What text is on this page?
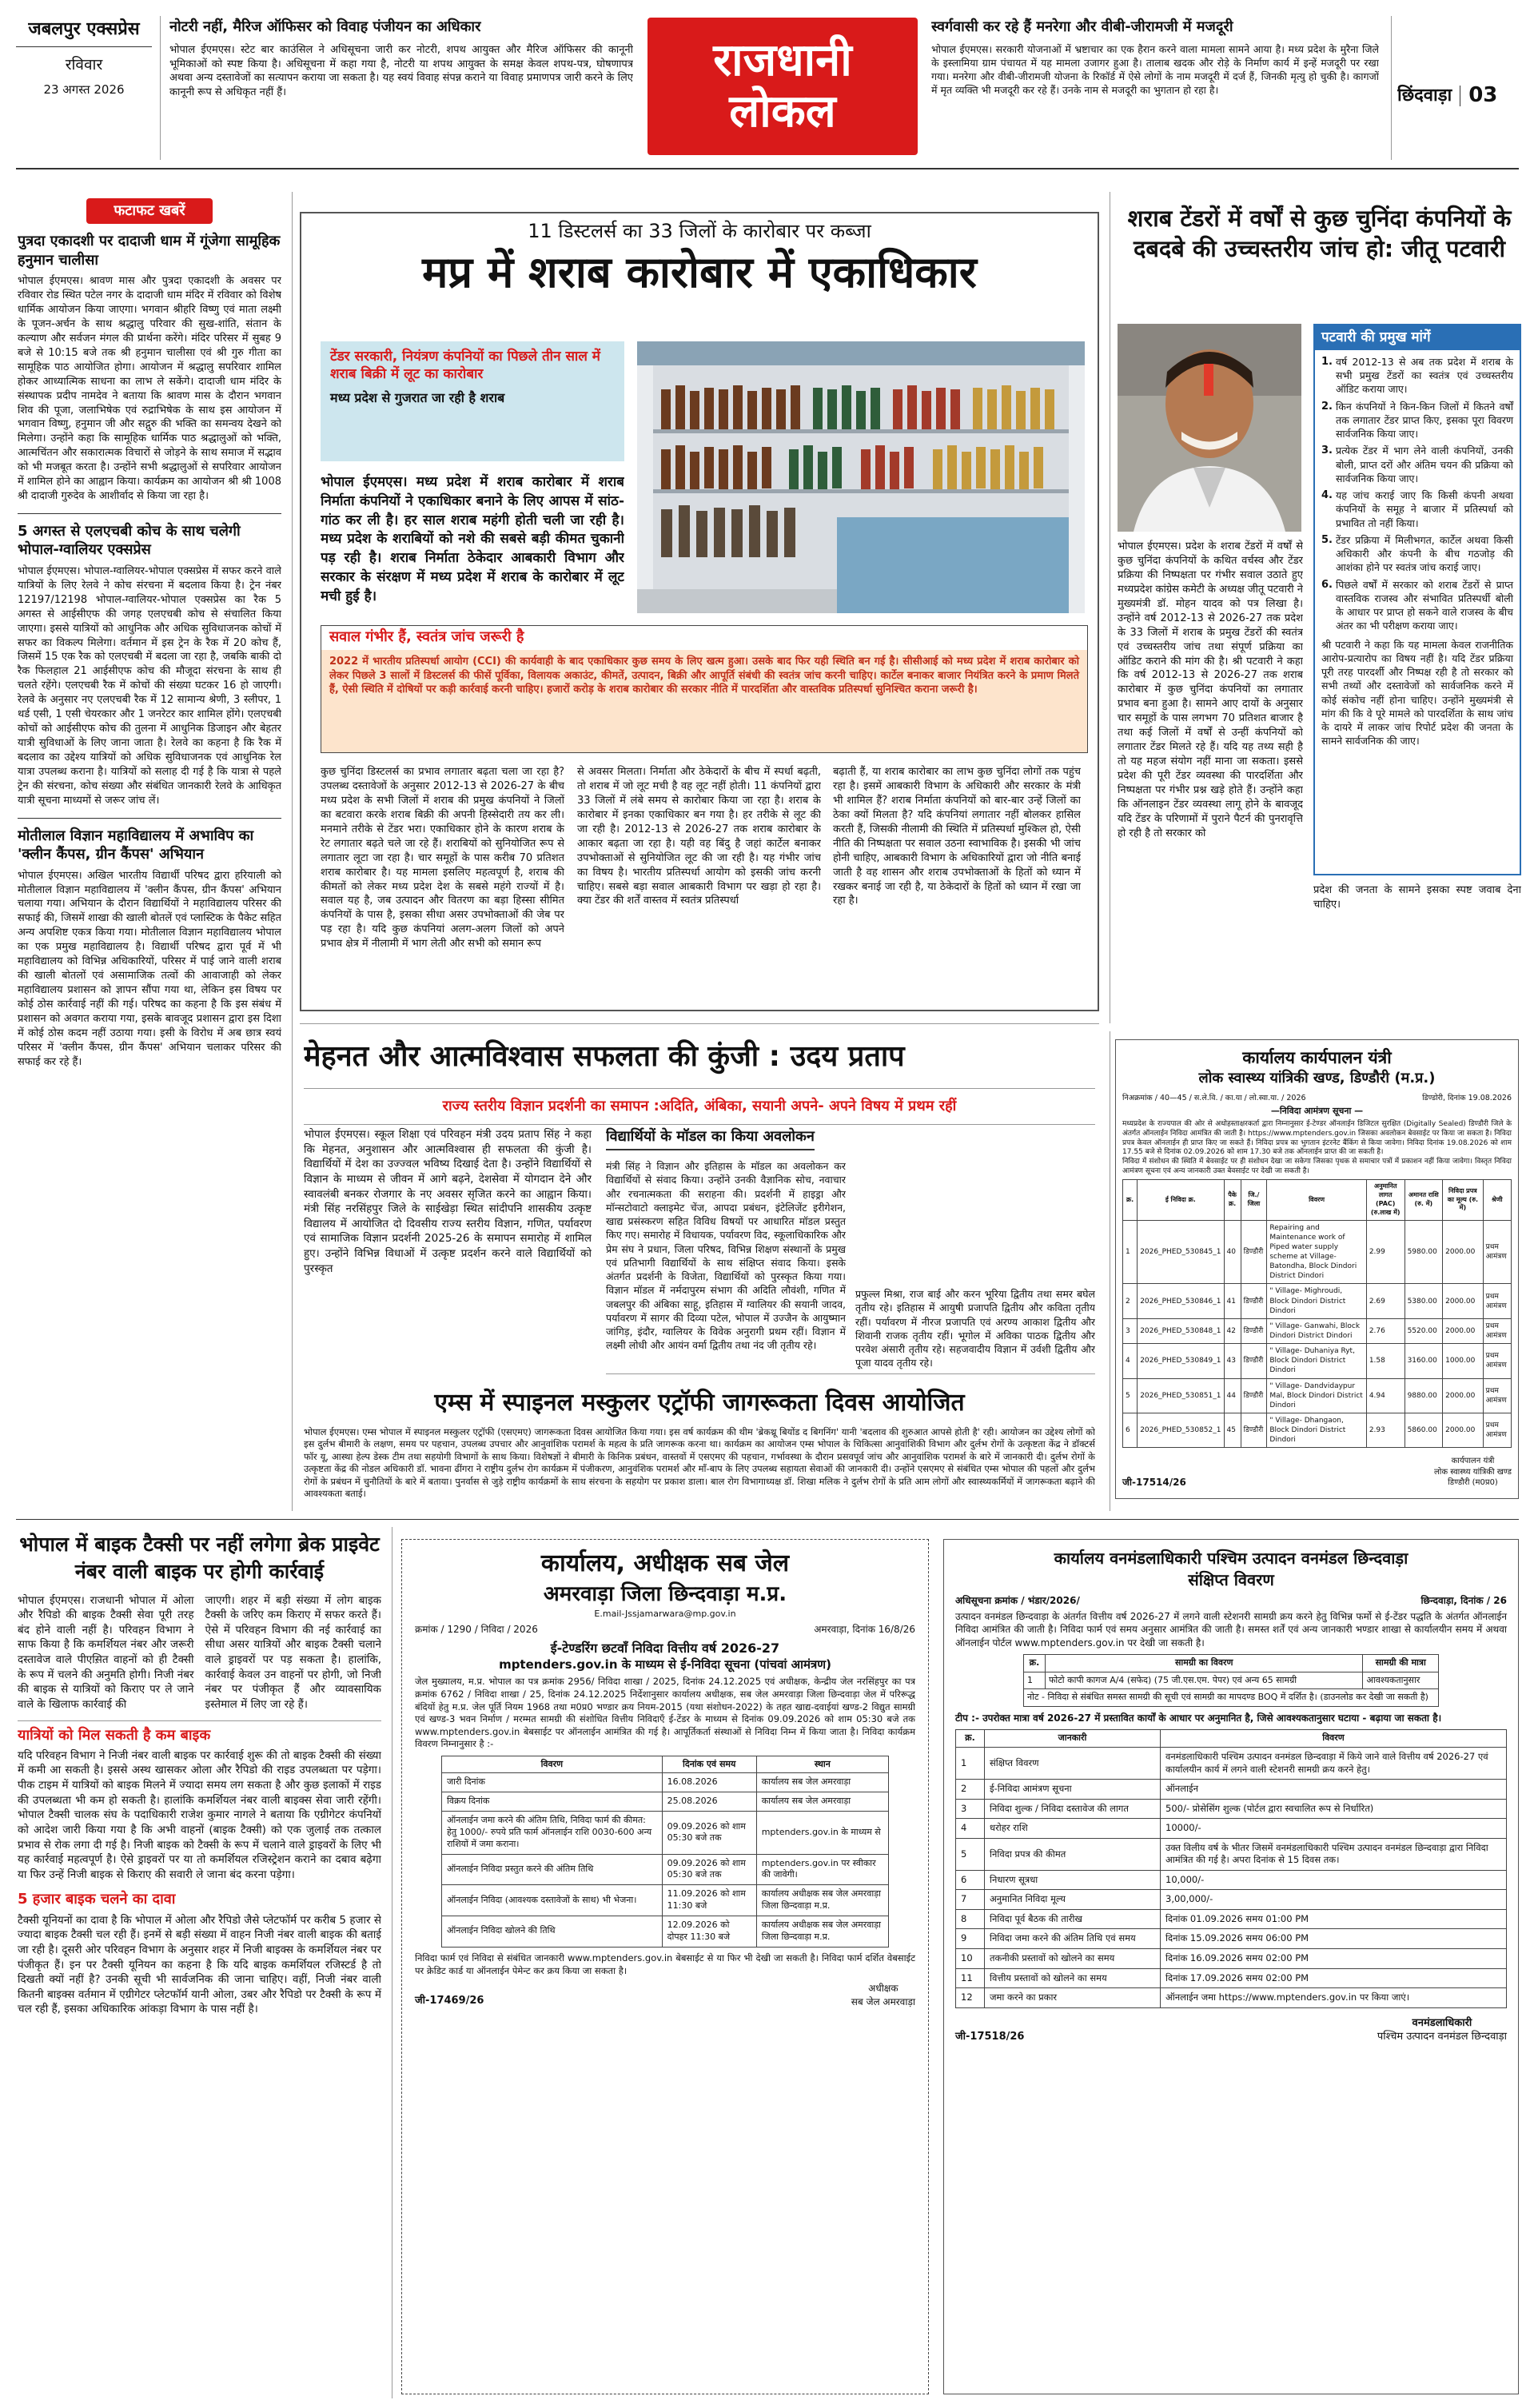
जबलपुर एक्सप्रेस
रविवार
23 अगस्त 2026
नोटरी नहीं, मैरिज ऑफिसर को विवाह पंजीयन का अधिकार

भोपाल ईएमएस। स्टेट बार काउंसिल ने अधिसूचना जारी कर नोटरी, शपथ आयुक्त और मैरिज ऑफिसर की कानूनी भूमिकाओं को स्पष्ट किया है। अधिसूचना में कहा गया है, नोटरी या शपथ आयुक्त के समक्ष केवल शपथ-पत्र, घोषणापत्र अथवा अन्य दस्तावेजों का सत्यापन कराया जा सकता है। यह स्वयं विवाह संपन्न कराने या विवाह प्रमाणपत्र जारी करने के लिए कानूनी रूप से अधिकृत नहीं हैं।

राजधानी लोकल
स्वर्गवासी कर रहे हैं मनरेगा और वीबी-जीरामजी में मजदूरी

भोपाल ईएमएस। सरकारी योजनाओं में भ्रष्टाचार का एक हैरान करने वाला मामला सामने आया है। मध्य प्रदेश के मुरैना जिले के इस्लामिया ग्राम पंचायत में यह मामला उजागर हुआ है। तालाब खदक और रोड़े के निर्माण कार्य में इन्हें मजदूरी पर रखा गया। मनरेगा और वीबी-जीरामजी योजना के रिकॉर्ड में ऐसे लोगों के नाम मजदूरी में दर्ज हैं, जिनकी मृत्यु हो चुकी है। कागजों में मृत व्यक्ति भी मजदूरी कर रहे हैं। उनके नाम से मजदूरी का भुगतान हो रहा है।	छिंदवाड़ा 03
फटाफट खबरें
पुत्रदा एकादशी पर दादाजी धाम में गूंजेगा सामूहिक हनुमान चालीसा

भोपाल ईएमएस। श्रावण मास और पुत्रदा एकादशी के अवसर पर रविवार रोड स्थित पटेल नगर के दादाजी धाम मंदिर में रविवार को विशेष धार्मिक आयोजन किया जाएगा। भगवान श्रीहरि विष्णु एवं माता लक्ष्मी के पूजन-अर्चन के साथ श्रद्धालु परिवार की सुख-शांति, संतान के कल्याण और सर्वजन मंगल की प्रार्थना करेंगे। मंदिर परिसर में सुबह 9 बजे से 10:15 बजे तक श्री हनुमान चालीसा एवं श्री गुरु गीता का सामूहिक पाठ आयोजित होगा। आयोजन में श्रद्धालु सपरिवार शामिल होकर आध्यात्मिक साधना का लाभ ले सकेंगे। दादाजी धाम मंदिर के संस्थापक प्रदीप नामदेव ने बताया कि श्रावण मास के दौरान भगवान शिव की पूजा, जलाभिषेक एवं रुद्राभिषेक के साथ इस आयोजन में भगवान विष्णु, हनुमान जी और सद्गुरु की भक्ति का समन्वय देखने को मिलेगा। उन्होंने कहा कि सामूहिक धार्मिक पाठ श्रद्धालुओं को भक्ति, आत्मचिंतन और सकारात्मक विचारों से जोड़ने के साथ समाज में सद्भाव को भी मजबूत करता है। उन्होंने सभी श्रद्धालुओं से सपरिवार आयोजन में शामिल होने का आह्वान किया। कार्यक्रम का आयोजन श्री श्री 1008 श्री दादाजी गुरुदेव के आशीर्वाद से किया जा रहा है।

5 अगस्त से एलएचबी कोच के साथ चलेगी भोपाल-ग्वालियर एक्सप्रेस

भोपाल ईएमएस। भोपाल-ग्वालियर-भोपाल एक्सप्रेस में सफर करने वाले यात्रियों के लिए रेलवे ने कोच संरचना में बदलाव किया है। ट्रेन नंबर 12197/12198 भोपाल-ग्वालियर-भोपाल एक्सप्रेस का रैक 5 अगस्त से आईसीएफ की जगह एलएचबी कोच से संचालित किया जाएगा। इससे यात्रियों को आधुनिक और अधिक सुविधाजनक कोचों में सफर का विकल्प मिलेगा। वर्तमान में इस ट्रेन के रैक में 20 कोच हैं, जिसमें 15 एक रैक को एलएचबी में बदला जा रहा है, जबकि बाकी दो रैक फिलहाल 21 आईसीएफ कोच की मौजूदा संरचना के साथ ही चलते रहेंगे। एलएचबी रैक में कोचों की संख्या घटकर 16 हो जाएगी। रेलवे के अनुसार नए एलएचबी रैक में 12 सामान्य श्रेणी, 3 स्लीपर, 1 थर्ड एसी, 1 एसी चेयरकार और 1 जनरेटर कार शामिल होंगे। एलएचबी कोचों को आईसीएफ कोच की तुलना में आधुनिक डिजाइन और बेहतर यात्री सुविधाओं के लिए जाना जाता है। रेलवे का कहना है कि रैक में बदलाव का उद्देश्य यात्रियों को अधिक सुविधाजनक एवं आधुनिक रेल यात्रा उपलब्ध कराना है। यात्रियों को सलाह दी गई है कि यात्रा से पहले ट्रेन की संरचना, कोच संख्या और संबंधित जानकारी रेलवे के आधिकृत यात्री सूचना माध्यमों से जरूर जांच लें।

मोतीलाल विज्ञान महाविद्यालय में अभाविप का 'क्लीन कैंपस, ग्रीन कैंपस' अभियान

भोपाल ईएमएस। अखिल भारतीय विद्यार्थी परिषद द्वारा हरियाली को मोतीलाल विज्ञान महाविद्यालय में 'क्लीन कैंपस, ग्रीन कैंपस' अभियान चलाया गया। अभियान के दौरान विद्यार्थियों ने महाविद्यालय परिसर की सफाई की, जिसमें शाखा की खाली बोतलें एवं प्लास्टिक के पैकेट सहित अन्य अपशिष्ट एकत्र किया गया। मोतीलाल विज्ञान महाविद्यालय भोपाल का एक प्रमुख महाविद्यालय है। विद्यार्थी परिषद द्वारा पूर्व में भी महाविद्यालय को विभिन्न अधिकारियों, परिसर में पाई जाने वाली शराब की खाली बोतलों एवं असामाजिक तत्वों की आवाजाही को लेकर महाविद्यालय प्रशासन को ज्ञापन सौंपा गया था, लेकिन इस विषय पर कोई ठोस कार्रवाई नहीं की गई। परिषद का कहना है कि इस संबंध में प्रशासन को अवगत कराया गया, इसके बावजूद प्रशासन द्वारा इस दिशा में कोई ठोस कदम नहीं उठाया गया। इसी के विरोध में अब छात्र स्वयं परिसर में 'क्लीन कैंपस, ग्रीन कैंपस' अभियान चलाकर परिसर की सफाई कर रहे हैं।

11 डिस्टलर्स का 33 जिलों के कारोबार पर कब्जा
मप्र में शराब कारोबार में एकाधिकार
टेंडर सरकारी, नियंत्रण कंपनियों का पिछले तीन साल में शराब बिक्री में लूट का कारोबार
मध्य प्रदेश से गुजरात जा रही है शराब

भोपाल ईएमएस। मध्य प्रदेश में शराब कारोबार में शराब निर्माता कंपनियों ने एकाधिकार बनाने के लिए आपस में सांठ- गांठ कर ली है। हर साल शराब महंगी होती चली जा रही है। मध्य प्रदेश के शराबियों को नशे की सबसे बड़ी कीमत चुकानी पड़ रही है। शराब निर्माता ठेकेदार आबकारी विभाग और सरकार के संरक्षण में मध्य प्रदेश में शराब के कारोबार में लूट मची हुई है।

सवाल गंभीर हैं, स्वतंत्र जांच जरूरी है

2022 में भारतीय प्रतिस्पर्धा आयोग (CCI) की कार्यवाही के बाद एकाधिकार कुछ समय के लिए खत्म हुआ। उसके बाद फिर यही स्थिति बन गई है। सीसीआई को मध्य प्रदेश में शराब कारोबार को लेकर पिछले 3 सालों में डिस्टलर्स की फीसें पूर्विका, विलायक अकाउंट, कीमतें, उत्पादन, बिक्री और आपूर्ति संबंधी की स्वतंत्र जांच करनी चाहिए। कार्टेल बनाकर बाजार नियंत्रित करने के प्रमाण मिलते हैं, ऐसी स्थिति में दोषियों पर कड़ी कार्रवाई करनी चाहिए। हजारों करोड़ के शराब कारोबार की सरकार नीति में पारदर्शिता और वास्तविक प्रतिस्पर्धा सुनिश्चित कराना जरूरी है।

कुछ चुनिंदा डिस्टलर्स का प्रभाव लगातार बढ़ता चला जा रहा है? उपलब्ध दस्तावेजों के अनुसार 2012-13 से 2026-27 के बीच मध्य प्रदेश के सभी जिलों में शराब की प्रमुख कंपनियों ने जिलों का बटवारा करके शराब बिक्री की अपनी हिस्सेदारी तय कर ली। मनमाने तरीके से टेंडर भरा। एकाधिकार होने के कारण शराब के रेट लगातार बढ़ते चले जा रहे हैं। शराबियों को सुनियोजित रूप से लगातार लूटा जा रहा है। चार समूहों के पास करीब 70 प्रतिशत शराब कारोबार है। यह मामला इसलिए महत्वपूर्ण है, शराब की कीमतों को लेकर मध्य प्रदेश देश के सबसे महंगे राज्यों में है। सवाल यह है, जब उत्पादन और वितरण का बड़ा हिस्सा सीमित कंपनियों के पास है, इसका सीधा असर उपभोक्ताओं की जेब पर पड़ रहा है। यदि कुछ कंपनियां अलग-अलग जिलों को अपने प्रभाव क्षेत्र में नीलामी में भाग लेती और सभी को समान रूप

से अवसर मिलता। निर्माता और ठेकेदारों के बीच में स्पर्धा बढ़ती, तो शराब में जो लूट मची है वह लूट नहीं होती। 11 कंपनियों द्वारा 33 जिलों में लंबे समय से कारोबार किया जा रहा है। शराब के कारोबार में इनका एकाधिकार बन गया है। हर तरीके से लूट की जा रही है। 2012-13 से 2026-27 तक शराब कारोबार के आकार बढ़ता जा रहा है। यही वह बिंदु है जहां कार्टेल बनाकर उपभोक्ताओं से सुनियोजित लूट की जा रही है। यह गंभीर जांच का विषय है। भारतीय प्रतिस्पर्धा आयोग को इसकी जांच करनी चाहिए। सबसे बड़ा सवाल आबकारी विभाग पर खड़ा हो रहा है। क्या टेंडर की शर्तें वास्तव में स्वतंत्र प्रतिस्पर्धा

बढ़ाती हैं, या शराब कारोबार का लाभ कुछ चुनिंदा लोगों तक पहुंच रहा है। इसमें आबकारी विभाग के अधिकारी और सरकार के मंत्री भी शामिल हैं? शराब निर्माता कंपनियों को बार-बार उन्हें जिलों का ठेका क्यों मिलता है? यदि कंपनियां लगातार नहीं बोलकर हासिल करती हैं, जिसकी नीलामी की स्थिति में प्रतिस्पर्धा मुश्किल हो, ऐसी नीति की निष्पक्षता पर सवाल उठना स्वाभाविक है। इसकी भी जांच होनी चाहिए, आबकारी विभाग के अधिकारियों द्वारा जो नीति बनाई जाती है वह शासन और शराब उपभोक्ताओं के हितों को ध्यान में रखकर बनाई जा रही है, या ठेकेदारों के हितों को ध्यान में रखा जा रहा है।

शराब टेंडरों में वर्षों से कुछ चुनिंदा कंपनियों के दबदबे की उच्चस्तरीय जांच हो: जीतू पटवारी
पटवारी की प्रमुख मांगें
1. वर्ष 2012-13 से अब तक प्रदेश में शराब के सभी प्रमुख टेंडरों का स्वतंत्र एवं उच्चस्तरीय ऑडिट कराया जाए।

2. किन कंपनियों ने किन-किन जिलों में कितने वर्षों तक लगातार टेंडर प्राप्त किए, इसका पूरा विवरण सार्वजनिक किया जाए।

3. प्रत्येक टेंडर में भाग लेने वाली कंपनियों, उनकी बोली, प्राप्त दरों और अंतिम चयन की प्रक्रिया को सार्वजनिक किया जाए।

4. यह जांच कराई जाए कि किसी कंपनी अथवा कंपनियों के समूह ने बाजार में प्रतिस्पर्धा को प्रभावित तो नहीं किया।

5. टेंडर प्रक्रिया में मिलीभगत, कार्टेल अथवा किसी अधिकारी और कंपनी के बीच गठजोड़ की आशंका होने पर स्वतंत्र जांच कराई जाए।

6. पिछले वर्षों में सरकार को शराब टेंडरों से प्राप्त वास्तविक राजस्व और संभावित प्रतिस्पर्धी बोली के आधार पर प्राप्त हो सकने वाले राजस्व के बीच अंतर का भी परीक्षण कराया जाए।

श्री पटवारी ने कहा कि यह मामला केवल राजनीतिक आरोप-प्रत्यारोप का विषय नहीं है। यदि टेंडर प्रक्रिया पूरी तरह पारदर्शी और निष्पक्ष रही है तो सरकार को सभी तथ्यों और दस्तावेजों को सार्वजनिक करने में कोई संकोच नहीं होना चाहिए। उन्होंने मुख्यमंत्री से मांग की कि वे पूरे मामले को पारदर्शिता के साथ जांच के दायरे में लाकर जांच रिपोर्ट प्रदेश की जनता के सामने सार्वजनिक की जाए।

भोपाल ईएमएस। प्रदेश के शराब टेंडरों में वर्षों से कुछ चुनिंदा कंपनियों के कथित वर्चस्व और टेंडर प्रक्रिया की निष्पक्षता पर गंभीर सवाल उठाते हुए मध्यप्रदेश कांग्रेस कमेटी के अध्यक्ष जीतू पटवारी ने मुख्यमंत्री डॉ. मोहन यादव को पत्र लिखा है। उन्होंने वर्ष 2012-13 से 2026-27 तक प्रदेश के 33 जिलों में शराब के प्रमुख टेंडरों की स्वतंत्र एवं उच्चस्तरीय जांच तथा संपूर्ण प्रक्रिया का ऑडिट कराने की मांग की है। श्री पटवारी ने कहा कि वर्ष 2012-13 से 2026-27 तक शराब कारोबार में कुछ चुनिंदा कंपनियों का लगातार प्रभाव बना हुआ है। सामने आए दायों के अनुसार चार समूहों के पास लगभग 70 प्रतिशत बाजार है तथा कई जिलों में वर्षों से उन्हीं कंपनियों को लगातार टेंडर मिलते रहे हैं। यदि यह तथ्य सही है तो यह महज संयोग नहीं माना जा सकता। इससे प्रदेश की पूरी टेंडर व्यवस्था की पारदर्शिता और निष्पक्षता पर गंभीर प्रश्न खड़े होते हैं। उन्होंने कहा कि ऑनलाइन टेंडर व्यवस्था लागू होने के बावजूद यदि टेंडर के परिणामों में पुराने पैटर्न की पुनरावृत्ति हो रही है तो सरकार को

प्रदेश की जनता के सामने इसका स्पष्ट जवाब देना चाहिए।

मेहनत और आत्मविश्वास सफलता की कुंजी : उदय प्रताप
राज्य स्तरीय विज्ञान प्रदर्शनी का समापन :अदिति, अंबिका, सयानी अपने- अपने विषय में प्रथम रहीं

भोपाल ईएमएस। स्कूल शिक्षा एवं परिवहन मंत्री उदय प्रताप सिंह ने कहा कि मेहनत, अनुशासन और आत्मविश्वास ही सफलता की कुंजी है। विद्यार्थियों में देश का उज्ज्वल भविष्य दिखाई देता है। उन्होंने विद्यार्थियों से विज्ञान के माध्यम से जीवन में आगे बढ़ने, देशसेवा में योगदान देने और स्वावलंबी बनकर रोजगार के नए अवसर सृजित करने का आह्वान किया। मंत्री सिंह नरसिंहपुर जिले के साईखेड़ा स्थित सांदीपनि शासकीय उत्कृष्ट विद्यालय में आयोजित दो दिवसीय राज्य स्तरीय विज्ञान, गणित, पर्यावरण एवं सामाजिक विज्ञान प्रदर्शनी 2025-26 के समापन समारोह में शामिल हुए। उन्होंने विभिन्न विधाओं में उत्कृष्ट प्रदर्शन करने वाले विद्यार्थियों को पुरस्कृत

विद्यार्थियों के मॉडल का किया अवलोकन

मंत्री सिंह ने विज्ञान और इतिहास के मॉडल का अवलोकन कर विद्यार्थियों से संवाद किया। उन्होंने उनकी वैज्ञानिक सोच, नवाचार और रचनात्मकता की सराहना की। प्रदर्शनी में हाइड्रा और मॉन्सटोवाटो क्लाइमेट चेंज, आपदा प्रबंधन, इंटेलिजेंट इरीगेशन, खाद्य प्रसंस्करण सहित विविध विषयों पर आधारित मॉडल प्रस्तुत किए गए। समारोह में विधायक, पर्यावरण विद, स्कूलाधिकारिक और प्रेम संघ ने प्रधान, जिला परिषद, विभिन्न शिक्षण संस्थानों के प्रमुख एवं प्रतिभागी विद्यार्थियों के साथ संक्षिप्त संवाद किया। इसके अंतर्गत प्रदर्शनी के विजेता, विद्यार्थियों को पुरस्कृत किया गया। विज्ञान मॉडल में नर्मदापुरम संभाग की अदिति लौवंशी, गणित में जबलपुर की अंबिका साहू, इतिहास में ग्वालियर की सयानी जादव, पर्यावरण में सागर की दिव्या पटेल, भोपाल में उज्जैन के आयुष्मान जांगिड़, इंदौर, ग्वालियर के विवेक अनुरागी प्रथम रहीं। विज्ञान में लक्ष्मी लोधी और आयंन वर्मा द्वितीय तथा नंद जी तृतीय रहे।

प्रफुल्ल मिश्रा, राज बाई और करन भूरिया द्वितीय तथा समर बघेल तृतीय रहे। इतिहास में आयुषी प्रजापति द्वितीय और कविता तृतीय रहीं। पर्यावरण में नीरज प्रजापति एवं अरण्य आकाश द्वितीय और शिवानी राजक तृतीय रहीं। भूगोल में अविका पाठक द्वितीय और परवेश अंसारी तृतीय रहे। सहजवादीय विज्ञान में उर्वशी द्वितीय और पूजा यादव तृतीय रहे।

एम्स में स्पाइनल मस्कुलर एट्रॉफी जागरूकता दिवस आयोजित

भोपाल ईएमएस। एम्स भोपाल में स्पाइनल मस्कुलर एट्रॉफी (एसएमए) जागरूकता दिवस आयोजित किया गया। इस वर्ष कार्यक्रम की थीम 'ब्रेकथ्रू बियोंड द बिगनिंग' यानी 'बदलाव की शुरुआत आपसे होती है' रही। आयोजन का उद्देश्य लोगों को इस दुर्लभ बीमारी के लक्षण, समय पर पहचान, उपलब्ध उपचार और आनुवांशिक परामर्श के महत्व के प्रति जागरूक करना था। कार्यक्रम का आयोजन एम्स भोपाल के चिकित्सा आनुवांशिकी विभाग और दुर्लभ रोगों के उत्कृष्टता केंद्र ने डॉक्टर्स फॉर यू, आस्था हेल्प डेस्क टीम तथा सहयोगी विभागों के साथ किया। विशेषज्ञों ने बीमारी के किनिक प्रबंधन, वास्तवों में एसएमए की पहचान, गर्भावस्था के दौरान प्रसवपूर्व जांच और आनुवांशिक परामर्श के बारे में जानकारी दी। दुर्लभ रोगों के उत्कृष्टता केंद्र की नोडल अधिकारी डॉ. भावना ढींगरा ने राष्ट्रीय दुर्लभ रोग कार्यक्रम में पंजीकरण, आनुवंशिक परामर्श और माँ-बाप के लिए उपलब्ध सहायता सेवाओं की जानकारी दी। उन्होंने एसएमए से संबंधित एम्स भोपाल की पहलों और दुर्लभ रोगों के प्रबंधन में चुनौतियों के बारे में बताया। पुनर्वास से जुड़े राष्ट्रीय कार्यक्रमों के साथ संरचना के सहयोग पर प्रकाश डाला। बाल रोग विभागाध्यक्ष डॉ. शिखा मलिक ने दुर्लभ रोगों के प्रति आम लोगों और स्वास्थ्यकर्मियों में जागरूकता बढ़ाने की आवश्यकता बताई।

कार्यालय कार्यपालन यंत्री
लोक स्वास्थ्य यांत्रिकी खण्ड, डिण्डौरी (म.प्र.)
निअक्रमांक / 40—45 / स.ले.वि. / का.या / लो.स्वा.या. / 2026	डिण्डोरी, दिनांक 19.08.2026
—निविदा आमंत्रण सूचना —

मध्यप्रदेश के राज्यपाल की ओर से अधोहस्ताक्षरकर्ता द्वारा निम्नानुसार ई-टेण्डर ऑनलाईन डिजिटल सुरक्षित (Digitally Sealed) डिण्डौरी जिले के अंतर्गत ऑनलाईन निविदा आमंत्रित की जाती है। https://www.mptenders.gov.in जिसका अवलोकन बेवसाईट पर किया जा सकता है। निविदा प्रपत्र केवल ऑनलाईन ही प्राप्त किए जा सकते हैं। निविदा प्रपत्र का भुगतान इंटरनेट बैंकिंग से किया जावेगा। निविदा दिनांक 19.08.2026 को शाम 17.55 बजे से दिनांक 02.09.2026 को शाम 17.30 बजे तक ऑनलाईन प्राप्त की जा सकती है।

निविदा में संशोधन की स्थिति में बेवसाईट पर ही संशोधन देखा जा सकेगा जिसका पृथक से समाचार पत्रों में प्रकाशन नहीं किया जावेगा। विस्तृत निविदा आमंत्रण सूचना एवं अन्य जानकारी उक्त बेवसाईट पर देखी जा सकती है।

क्र.	ई निविदा क्र.	पैके क्र.	जि./ जिला	विवरण	अनुमानित लागत (PAC) (रु.लाख में)	अमानत राशि (रु. में)	निविदा प्रपत्र का मूल्य (रु. में)	श्रेणी
1	2026_PHED_530845_1	40	डिण्डौरी	Repairing and Maintenance work of Piped water supply scheme at Village- Batondha, Block Dindori District Dindori	2.99	5980.00	2000.00	प्रथम आमंत्रण
2	2026_PHED_530846_1	41	डिण्डौरी	" Village- Mighroudi, Block Dindori District Dindori	2.69	5380.00	2000.00	प्रथम आमंत्रण
3	2026_PHED_530848_1	42	डिण्डौरी	" Village- Ganwahi, Block Dindori District Dindori	2.76	5520.00	2000.00	प्रथम आमंत्रण
4	2026_PHED_530849_1	43	डिण्डौरी	" Village- Duhaniya Ryt, Block Dindori District Dindori	1.58	3160.00	1000.00	प्रथम आमंत्रण
5	2026_PHED_530851_1	44	डिण्डौरी	" Village- Dandvidaypur Mal, Block Dindori District Dindori	4.94	9880.00	2000.00	प्रथम आमंत्रण
6	2026_PHED_530852_1	45	डिण्डौरी	" Village- Dhangaon, Block Dindori District Dindori	2.93	5860.00	2000.00	प्रथम आमंत्रण
जी-17514/26
कार्यपालन यंत्री
लोक स्वास्थ्य यांत्रिकी खण्ड
डिण्डौरी (म0प्र0)
भोपाल में बाइक टैक्सी पर नहीं लगेगा ब्रेक प्राइवेट नंबर वाली बाइक पर होगी कार्रवाई

भोपाल ईएमएस। राजधानी भोपाल में ओला और रैपिडो की बाइक टैक्सी सेवा पूरी तरह बंद होने वाली नहीं है। परिवहन विभाग ने साफ किया है कि कमर्शियल नंबर और जरूरी दस्तावेज वाले पीएस़ित वाहनों को ही टैक्सी के रूप में चलने की अनुमति होगी। निजी नंबर की बाइक से यात्रियों को किराए पर ले जाने वाले के खिलाफ कार्रवाई की

जाएगी। शहर में बड़ी संख्या में लोग बाइक टैक्सी के जरिए कम किराए में सफर करते हैं। ऐसे में परिवहन विभाग की नई कार्रवाई का सीधा असर यात्रियों और बाइक टैक्सी चलाने वाले ड्राइवरों पर पड़ सकता है। हालांकि, कार्रवाई केवल उन वाहनों पर होगी, जो निजी नंबर पर पंजीकृत हैं और व्यावसायिक इस्तेमाल में लिए जा रहे हैं।

यात्रियों को मिल सकती है कम बाइक

यदि परिवहन विभाग ने निजी नंबर वाली बाइक पर कार्रवाई शुरू की तो बाइक टैक्सी की संख्या में कमी आ सकती है। इससे अस्थ खासकर ओला और रैपिडो की राइड उपलब्धता पर पड़ेगा। पीक टाइम में यात्रियों को बाइक मिलने में ज्यादा समय लग सकता है और कुछ इलाकों में राइड की उपलब्धता भी कम हो सकती है। हालांकि कमर्शियल नंबर वाली बाइक्स सेवा जारी रहेंगी। भोपाल टैक्सी चालक संघ के पदाधिकारी राजेश कुमार नागले ने बताया कि एग्रीगेटर कंपनियों को आदेश जारी किया गया है कि अभी वाहनों (बाइक टैक्सी) को एक जुलाई तक तत्काल प्रभाव से रोक लगा दी गई है। निजी बाइक को टैक्सी के रूप में चलाने वाले ड्राइवरों के लिए भी यह कार्रवाई महत्वपूर्ण है। ऐसे ड्राइवरों पर या तो कमर्शियल रजिस्ट्रेशन कराने का दबाव बढ़ेगा या फिर उन्हें निजी बाइक से किराए की सवारी ले जाना बंद करना पड़ेगा।

5 हजार बाइक चलने का दावा

टैक्सी यूनियनों का दावा है कि भोपाल में ओला और रैपिडो जैसे प्लेटफॉर्म पर करीब 5 हजार से ज्यादा बाइक टैक्सी चल रही हैं। इनमें से बड़ी संख्या में वाहन निजी नंबर वाली बाइक की बताई जा रही है। दूसरी ओर परिवहन विभाग के अनुसार शहर में निजी बाइक्स के कमर्शियल नंबर पर पंजीकृत हैं। इन पर टैक्सी यूनियन का कहना है कि यदि बाइक कमर्शियल रजिस्टर्ड है तो दिखती क्यों नहीं है? उनकी सूची भी सार्वजनिक की जाना चाहिए। वहीं, निजी नंबर वाली कितनी बाइक्स वर्तमान में एग्रीगेटर प्लेटफॉर्म यानी ओला, उबर और रैपिडो पर टैक्सी के रूप में चल रही हैं, इसका अधिकारिक आंकड़ा विभाग के पास नहीं है।

कार्यालय, अधीक्षक सब जेल
अमरवाड़ा जिला छिन्दवाड़ा म.प्र.
E.mail-Jssjamarwara@mp.gov.in
क्रमांक / 1290 / निविदा / 2026	अमरवाड़ा, दिनांक 16/8/26
ई-टेण्डरिंग छटवाँ निविदा वित्तीय वर्ष 2026-27
mptenders.gov.in के माध्यम से ई-निविदा सूचना (पांचवां आमंत्रण)

जेल मुख्यालय, म.प्र. भोपाल का पत्र क्रमांक 2956/ निविदा शाखा / 2025, दिनांक 24.12.2025 एवं अधीक्षक, केन्द्रीय जेल नरसिंहपुर का पत्र क्रमांक 6762 / निविदा शाखा / 25, दिनांक 24.12.2025 निर्देशानुसार कार्यालय अधीक्षक, सब जेल अमरवाड़ा जिला छिन्दवाड़ा जेल में परिरूद्ध बंदियों हेतु म.प्र. जेल पूर्ति नियम 1968 तथा म0प्र0 भण्डार क्रय नियम-2015 (यथा संशोधन-2022) के तहत खाद्य-दवाईयां खण्ड-2 विद्युत सामग्री एवं खण्ड-3 भवन निर्माण / मरम्मत सामग्री की संशोधित वित्तीय निविदाएँ ई-टेंडर के माध्यम से दिनांक 09.09.2026 को शाम 05:30 बजे तक www.mptenders.gov.in बेबसाईट पर ऑनलाईन आमंत्रित की गई है। आपूर्तिकर्ता संस्थाओं से निविदा निम्न में किया जाता है। निविदा कार्यक्रम विवरण निम्नानुसार है :-

विवरण	दिनांक एवं समय	स्थान
जारी दिनांक	16.08.2026	कार्यालय सब जेल अमरवाड़ा
विक्रय दिनांक	25.08.2026	कार्यालय सब जेल अमरवाड़ा
ऑनलाईन जमा करने की अंतिम तिथि, निविदा फार्म की कीमत: हेतु 1000/- रुपये प्रति फार्म ऑनलाईन राशि 0030-600 अन्य राशियों में जमा कराना।	09.09.2026 को शाम 05:30 बजे तक	mptenders.gov.in के माध्यम से
ऑनलाईन निविदा प्रस्तुत करने की अंतिम तिथि	09.09.2026 को शाम 05:30 बजे तक	mptenders.gov.in पर स्वीकार की जावेगी।
ऑनलाईन निविदा (आवश्यक दस्तावेजों के साथ) भी भेजना।	11.09.2026 को शाम 11:30 बजे	कार्यालय अधीक्षक सब जेल अमरवाड़ा जिला छिन्दवाड़ा म.प्र.
ऑनलाईन निविदा खोलने की तिथि	12.09.2026 को दोपहर 11:30 बजे	कार्यालय अधीक्षक सब जेल अमरवाड़ा जिला छिन्दवाड़ा म.प्र.

निविदा फार्म एवं निविदा से संबंधित जानकारी www.mptenders.gov.in बेबसाईट से या फिर भी देखी जा सकती है। निविदा फार्म दर्शित वेबसाईट पर क्रेडिट कार्ड या ऑनलाईन पेमेन्ट कर क्रय किया जा सकता है।

जी-17469/26
अधीक्षक
सब जेल अमरवाड़ा
कार्यालय वनमंडलाधिकारी पश्चिम उत्पादन वनमंडल छिन्दवाड़ा
संक्षिप्त विवरण
अधिसूचना क्रमांक / भंडार/2026/	छिन्दवाड़ा, दिनांक / 26

उत्पादन वनमंडल छिन्दवाड़ा के अंतर्गत वित्तीय वर्ष 2026-27 में लगने वाली स्टेशनरी सामग्री क्रय करने हेतु विभिन्न फर्मो से ई-टेंडर पद्धति के अंतर्गत ऑनलाईन निविदा आमंत्रित की जाती है। निविदा फार्म एवं समय अनुसार आमंत्रित की जाती है। समस्त शर्तें एवं अन्य जानकारी भण्डार शाखा से कार्यालयीन समय में अथवा ऑनलाईन पोर्टल www.mptenders.gov.in पर देखी जा सकती है।

क्र.	सामग्री का विवरण	सामग्री की मात्रा
1	फोटो कापी कागज A/4 (सफेद) (75 जी.एस.एम. पेपर) एवं अन्य 65 सामग्री	आवश्यकतानुसार
नोट - निविदा से संबंधित समस्त सामग्री की सूची एवं सामग्री का मापदण्ड BOQ में दर्शित है। (डाउनलोड कर देखी जा सकती है)		

टीप :- उपरोक्त मात्रा वर्ष 2026-27 में प्रस्तावित कार्यों के आधार पर अनुमानित है, जिसे आवश्यकतानुसार घटाया - बढ़ाया जा सकता है।

क्र.	जानकारी	विवरण
1	संक्षिप्त विवरण	वनमंडलाधिकारी पश्चिम उत्पादन वनमंडल छिन्दवाड़ा में किये जाने वाले वित्तीय वर्ष 2026-27 एवं कार्यालयीन कार्य में लगने वाली स्टेशनरी सामग्री क्रय करने हेतु।
2	ई-निविदा आमंत्रण सूचना	ऑनलाईन
3	निविदा शुल्क / निविदा दस्तावेज की लागत	500/- प्रोसेसिंग शुल्क (पोर्टल द्वारा स्वचालित रूप से निर्धारित)
4	धरोहर राशि	10000/-
5	निविदा प्रपत्र की कीमत	उक्त विलीय वर्ष के भीतर जिसमें वनमंडलाधिकारी पश्चिम उत्पादन वनमंडल छिन्दवाड़ा द्वारा निविदा आमंत्रित की गई है। अपरा दिनांक से 15 दिवस तक।
6	निधारण सूत्रधा	10,000/-
7	अनुमानित निविदा मूल्य	3,00,000/-
8	निविदा पूर्व बैठक की तारीख	दिनांक 01.09.2026 समय 01:00 PM
9	निविदा जमा करने की अंतिम तिथि एवं समय	दिनांक 15.09.2026 समय 06:00 PM
10	तकनीकी प्रस्तावों को खोलने का समय	दिनांक 16.09.2026 समय 02:00 PM
11	वित्तीय प्रस्तावों को खोलने का समय	दिनांक 17.09.2026 समय 02:00 PM
12	जमा करने का प्रकार	ऑनलाईन जमा https://www.mptenders.gov.in पर किया जाएं।
जी-17518/26
वनमंडलाधिकारी
पश्चिम उत्पादन वनमंडल छिन्दवाड़ा
